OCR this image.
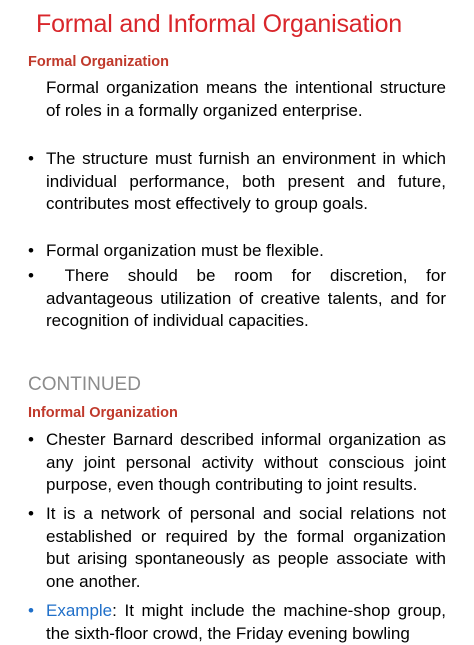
Formal and Informal Organisation
Formal Organization
Formal organization means the intentional structure of roles in a formally organized enterprise.
• The structure must furnish an environment in which individual performance, both present and future, contributes most effectively to group goals.
• Formal organization must be flexible.
• There should be room for discretion, for advantageous utilization of creative talents, and for recognition of individual capacities.
CONTINUED
Informal Organization
• Chester Barnard described informal organization as any joint personal activity without conscious joint purpose, even though contributing to joint results.
• It is a network of personal and social relations not established or required by the formal organization but arising spontaneously as people associate with one another.
• Example: It might include the machine-shop group, the sixth-floor crowd, the Friday evening bowling
